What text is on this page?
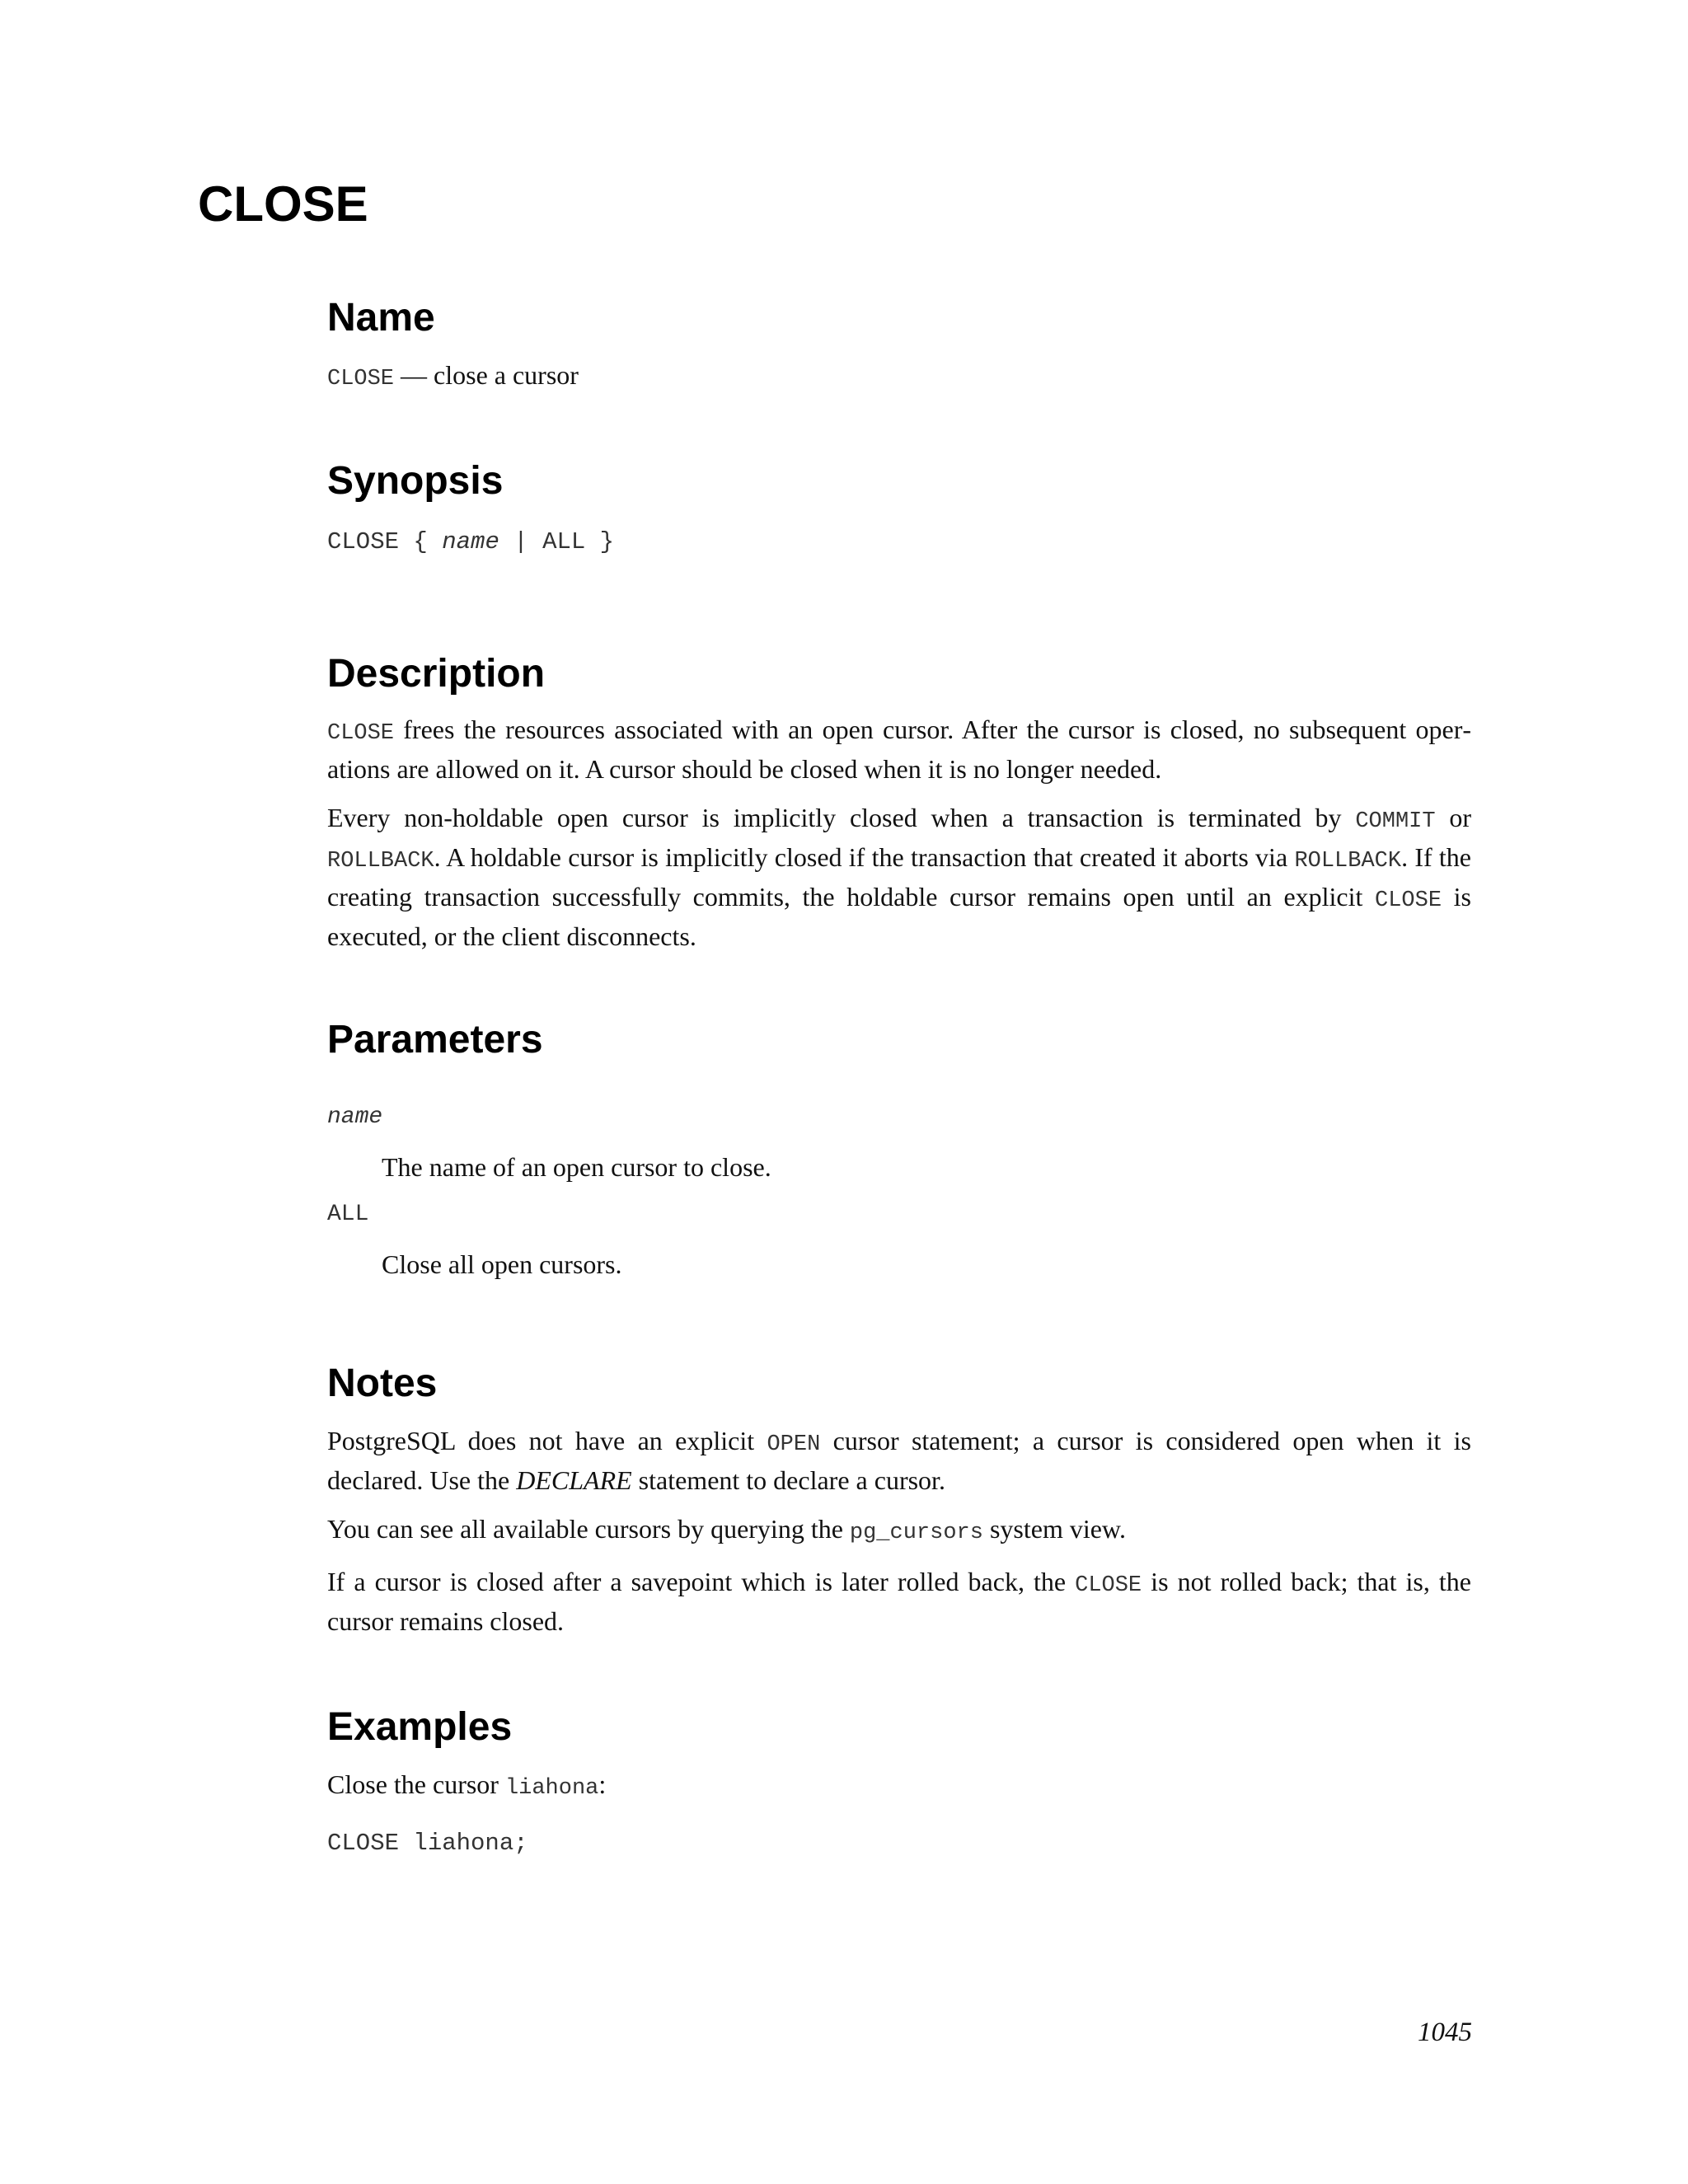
CLOSE
Name

CLOSE — close a cursor

Synopsis
CLOSE { name | ALL }
Description

CLOSE frees the resources associated with an open cursor. After the cursor is closed, no subsequent operations are allowed on it. A cursor should be closed when it is no longer needed.

Every non-holdable open cursor is implicitly closed when a transaction is terminated by COMMIT or ROLLBACK. A holdable cursor is implicitly closed if the transaction that created it aborts via ROLLBACK. If the creating transaction successfully commits, the holdable cursor remains open until an explicit CLOSE is executed, or the client disconnects.

Parameters

name

The name of an open cursor to close.

ALL

Close all open cursors.

Notes

PostgreSQL does not have an explicit OPEN cursor statement; a cursor is considered open when it is declared. Use the DECLARE statement to declare a cursor.

You can see all available cursors by querying the pg_cursors system view.

If a cursor is closed after a savepoint which is later rolled back, the CLOSE is not rolled back; that is, the cursor remains closed.

Examples

Close the cursor liahona:

CLOSE liahona;
1045
